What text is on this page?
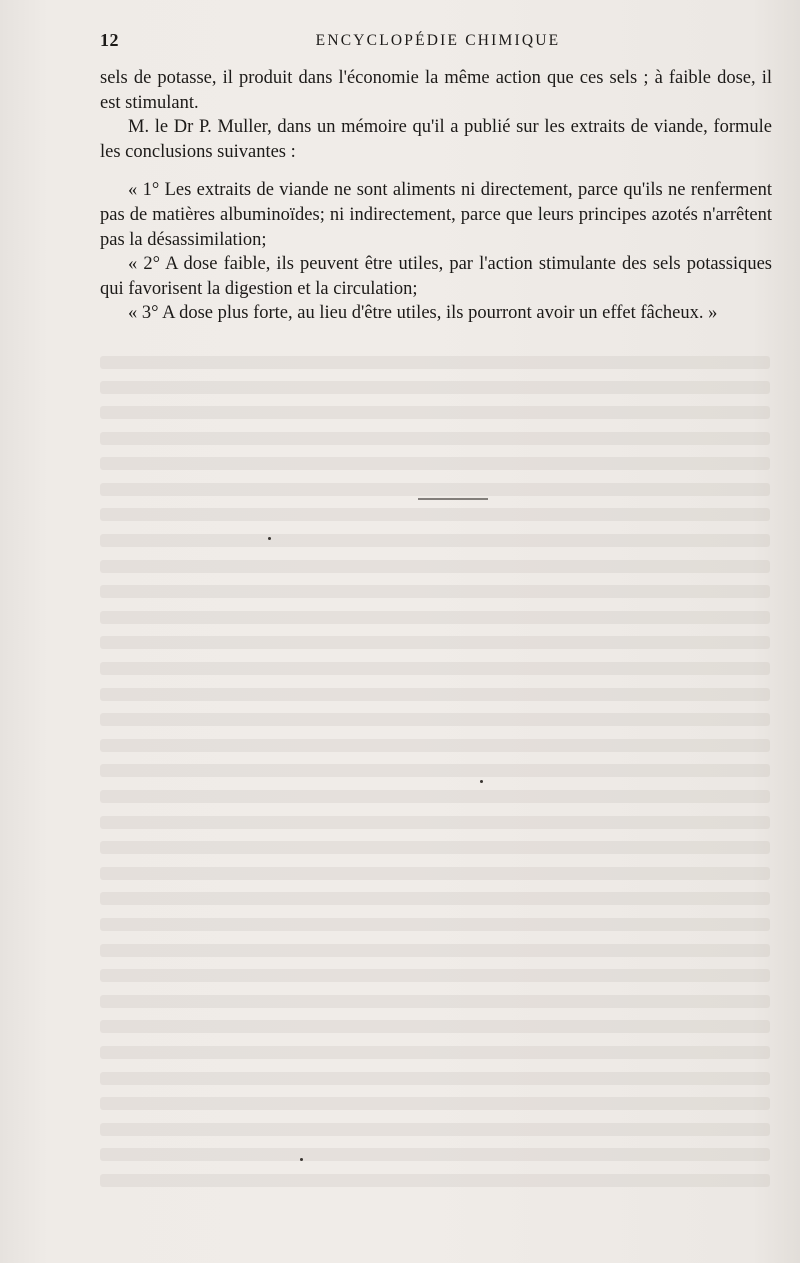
12	ENCYCLOPÉDIE CHIMIQUE

sels de potasse, il produit dans l'économie la même action que ces sels ; à faible dose, il est stimulant.

M. le Dr P. Muller, dans un mémoire qu'il a publié sur les extraits de viande, formule les conclusions suivantes :

« 1° Les extraits de viande ne sont aliments ni directement, parce qu'ils ne renferment pas de matières albuminoïdes; ni indirectement, parce que leurs principes azotés n'arrêtent pas la désassimilation;

« 2° A dose faible, ils peuvent être utiles, par l'action stimulante des sels potassiques qui favorisent la digestion et la circulation;

« 3° A dose plus forte, au lieu d'être utiles, ils pourront avoir un effet fâcheux. »
